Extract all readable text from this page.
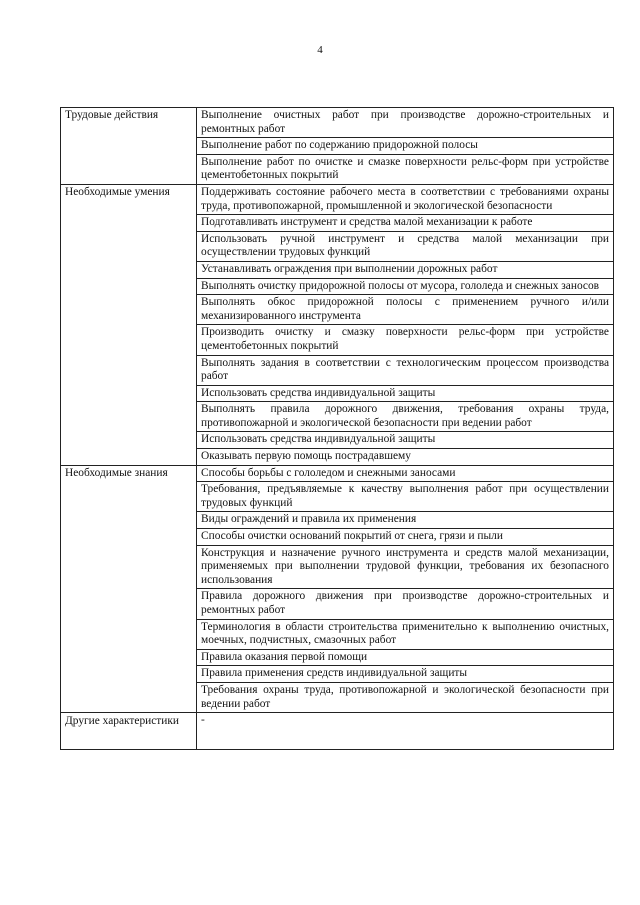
4
Трудовые действия	Выполнение очистных работ при производстве дорожно-строительных и ремонтных работ
	Выполнение работ по содержанию придорожной полосы
	Выполнение работ по очистке и смазке поверхности рельс-форм при устройстве цементобетонных покрытий
Необходимые умения	Поддерживать состояние рабочего места в соответствии с требованиями охраны труда, противопожарной, промышленной и экологической безопасности
	Подготавливать инструмент и средства малой механизации к работе
	Использовать ручной инструмент и средства малой механизации при осуществлении трудовых функций
	Устанавливать ограждения при выполнении дорожных работ
	Выполнять очистку придорожной полосы от мусора, гололеда и снежных заносов
	Выполнять обкос придорожной полосы с применением ручного и/или механизированного инструмента
	Производить очистку и смазку поверхности рельс-форм при устройстве цементобетонных покрытий
	Выполнять задания в соответствии с технологическим процессом производства работ
	Использовать средства индивидуальной защиты
	Выполнять правила дорожного движения, требования охраны труда, противопожарной и экологической безопасности при ведении работ
	Использовать средства индивидуальной защиты
	Оказывать первую помощь пострадавшему
Необходимые знания	Способы борьбы с гололедом и снежными заносами
	Требования, предъявляемые к качеству выполнения работ при осуществлении трудовых функций
	Виды ограждений и правила их применения
	Способы очистки оснований покрытий от снега, грязи и пыли
	Конструкция и назначение ручного инструмента и средств малой механизации, применяемых при выполнении трудовой функции, требования их безопасного использования
	Правила дорожного движения при производстве дорожно-строительных и ремонтных работ
	Терминология в области строительства применительно к выполнению очистных, моечных, подчистных, смазочных работ
	Правила оказания первой помощи
	Правила применения средств индивидуальной защиты
	Требования охраны труда, противопожарной и экологической безопасности при ведении работ
Другие характеристики	-
